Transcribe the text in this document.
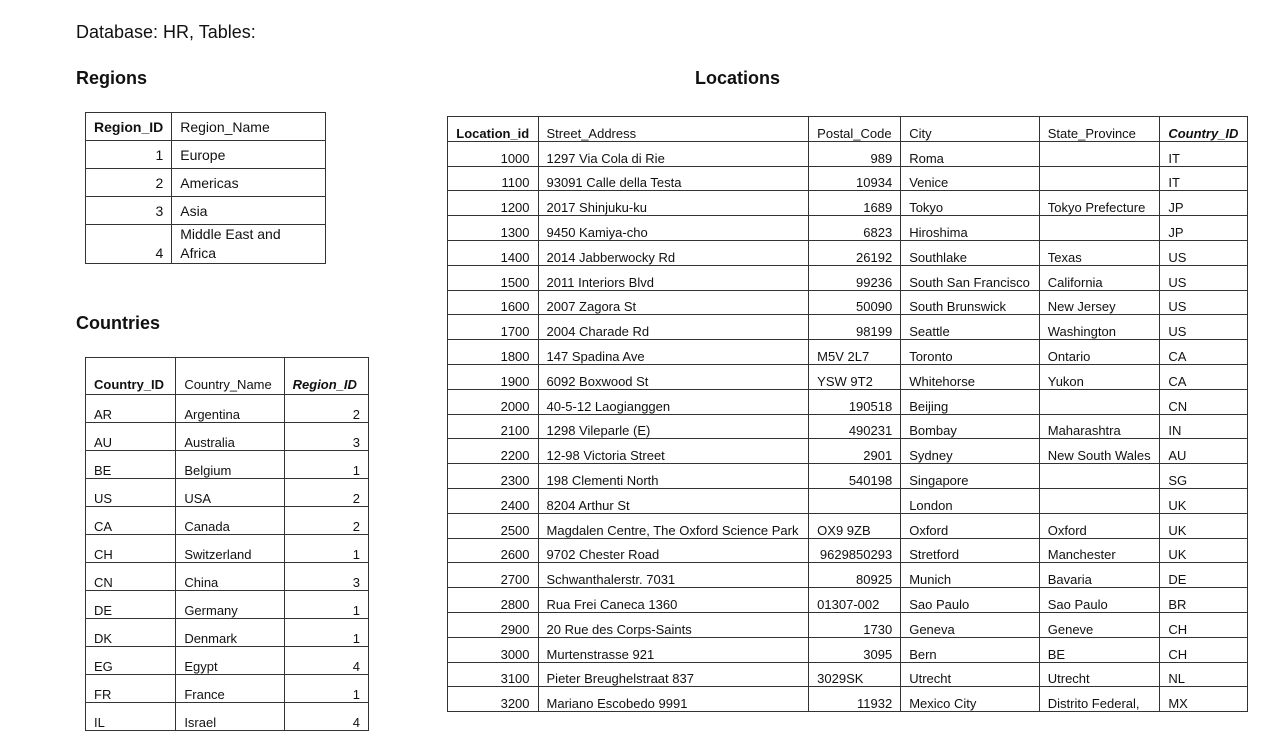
Database: HR, Tables:
Regions
Countries
Locations
Region_ID	Region_Name
1	Europe
2	Americas
3	Asia
4	Middle East and Africa
Country_ID	Country_Name	Region_ID
AR	Argentina	2
AU	Australia	3
BE	Belgium	1
US	USA	2
CA	Canada	2
CH	Switzerland	1
CN	China	3
DE	Germany	1
DK	Denmark	1
EG	Egypt	4
FR	France	1
IL	Israel	4
Location_id	Street_Address	Postal_Code	City	State_Province	Country_ID
1000	1297 Via Cola di Rie	989	Roma		IT
1100	93091 Calle della Testa	10934	Venice		IT
1200	2017 Shinjuku-ku	1689	Tokyo	Tokyo Prefecture	JP
1300	9450 Kamiya-cho	6823	Hiroshima		JP
1400	2014 Jabberwocky Rd	26192	Southlake	Texas	US
1500	2011 Interiors Blvd	99236	South San Francisco	California	US
1600	2007 Zagora St	50090	South Brunswick	New Jersey	US
1700	2004 Charade Rd	98199	Seattle	Washington	US
1800	147 Spadina Ave	M5V 2L7	Toronto	Ontario	CA
1900	6092 Boxwood St	YSW 9T2	Whitehorse	Yukon	CA
2000	40-5-12 Laogianggen	190518	Beijing		CN
2100	1298 Vileparle (E)	490231	Bombay	Maharashtra	IN
2200	12-98 Victoria Street	2901	Sydney	New South Wales	AU
2300	198 Clementi North	540198	Singapore		SG
2400	8204 Arthur St		London		UK
2500	Magdalen Centre, The Oxford Science Park	OX9 9ZB	Oxford	Oxford	UK
2600	9702 Chester Road	9629850293	Stretford	Manchester	UK
2700	Schwanthalerstr. 7031	80925	Munich	Bavaria	DE
2800	Rua Frei Caneca 1360	01307-002	Sao Paulo	Sao Paulo	BR
2900	20 Rue des Corps-Saints	1730	Geneva	Geneve	CH
3000	Murtenstrasse 921	3095	Bern	BE	CH
3100	Pieter Breughelstraat 837	3029SK	Utrecht	Utrecht	NL
3200	Mariano Escobedo 9991	11932	Mexico City	Distrito Federal,	MX
